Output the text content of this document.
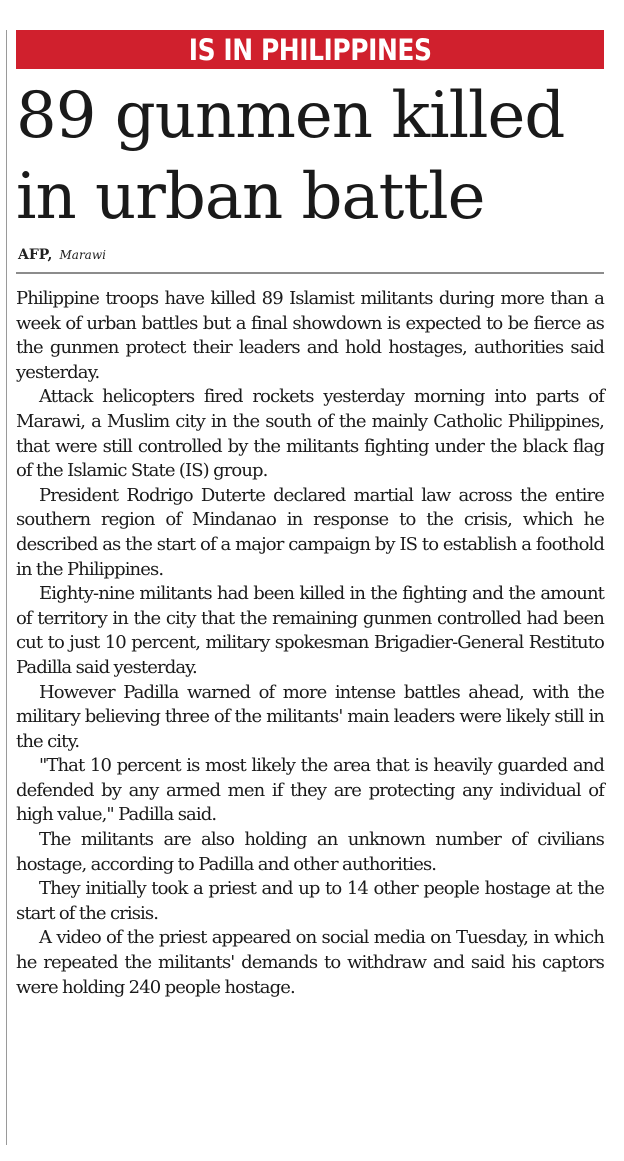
IS IN PHILIPPINES
89 gunmen killed
in urban battle
AFP, Marawi

Philippine troops have killed 89 Islamist militants during more than a week of urban battles but a final showdown is expected to be fierce as the gunmen protect their leaders and hold hostages, authorities said yesterday.

Attack helicopters fired rockets yesterday morning into parts of Marawi, a Muslim city in the south of the mainly Catholic Philippines, that were still controlled by the militants fighting under the black flag of the Islamic State (IS) group.

President Rodrigo Duterte declared martial law across the entire southern region of Mindanao in response to the crisis, which he described as the start of a major campaign by IS to establish a foothold in the Philippines.

Eighty-nine militants had been killed in the fighting and the amount of territory in the city that the remaining gunmen controlled had been cut to just 10 percent, military spokesman Brigadier-General Restituto Padilla said yesterday.

However Padilla warned of more intense battles ahead, with the military believing three of the militants' main leaders were likely still in the city.

"That 10 percent is most likely the area that is heavily guarded and defended by any armed men if they are protecting any individual of high value," Padilla said.

The militants are also holding an unknown number of civilians hostage, according to Padilla and other authorities.

They initially took a priest and up to 14 other people hostage at the start of the crisis.

A video of the priest appeared on social media on Tuesday, in which he repeated the militants' demands to withdraw and said his captors were holding 240 people hostage.
